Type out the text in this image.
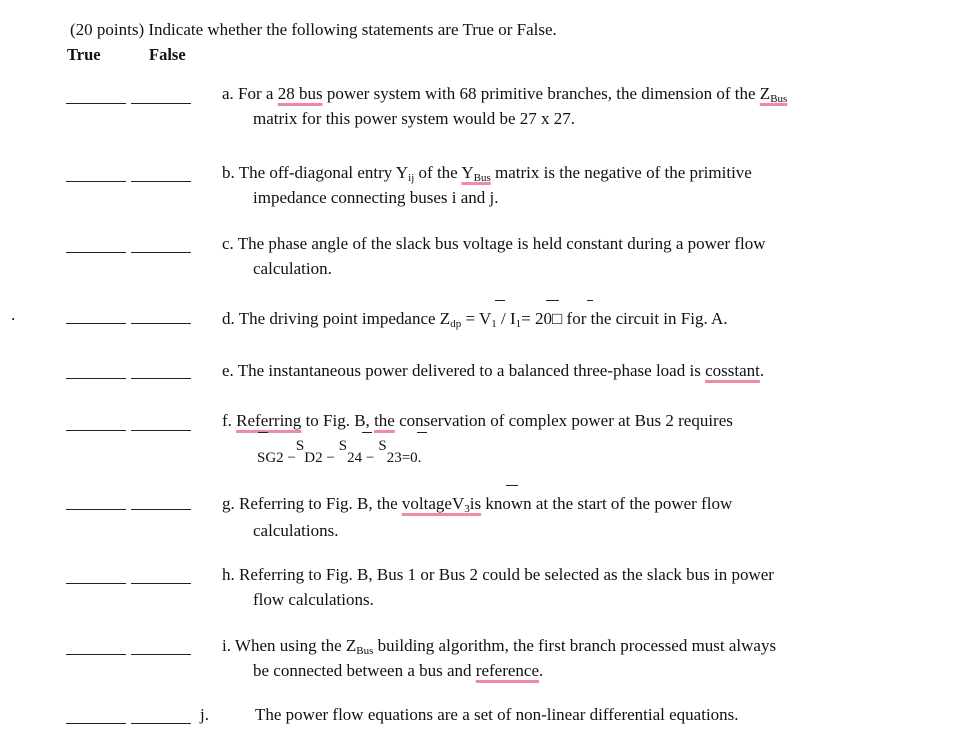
(20 points) Indicate whether the following statements are True or False.
True	False
.
a. For a 28 bus power system with 68 primitive branches, the dimension of the $Z_{Bus}$
matrix for this power system would be 27 x 27.
b. The off-diagonal entry $Y_{ij}$ of the $Y_{Bus}$ matrix is the negative of the primitive
impedance connecting buses i and j.
c. The phase angle of the slack bus voltage is held constant during a power flow
calculation.
d. The driving point impedance $Z_{dp} = V_1 / I_1=$ 20□ for the circuit in Fig. A.
e. The instantaneous power delivered to a balanced three-phase load is cosstant.
f. Referring to Fig. B, the conservation of complex power at Bus 2 requires
SG2 −SD2 −S24 −S23=0.
g. Referring to Fig. B, the voltageV$_3$is known at the start of the power flow
calculations.
h. Referring to Fig. B, Bus 1 or Bus 2 could be selected as the slack bus in power
flow calculations.
i. When using the $Z_{Bus}$ building algorithm, the first branch processed must always
be connected between a bus and reference.
j.	The power flow equations are a set of non-linear differential equations.
